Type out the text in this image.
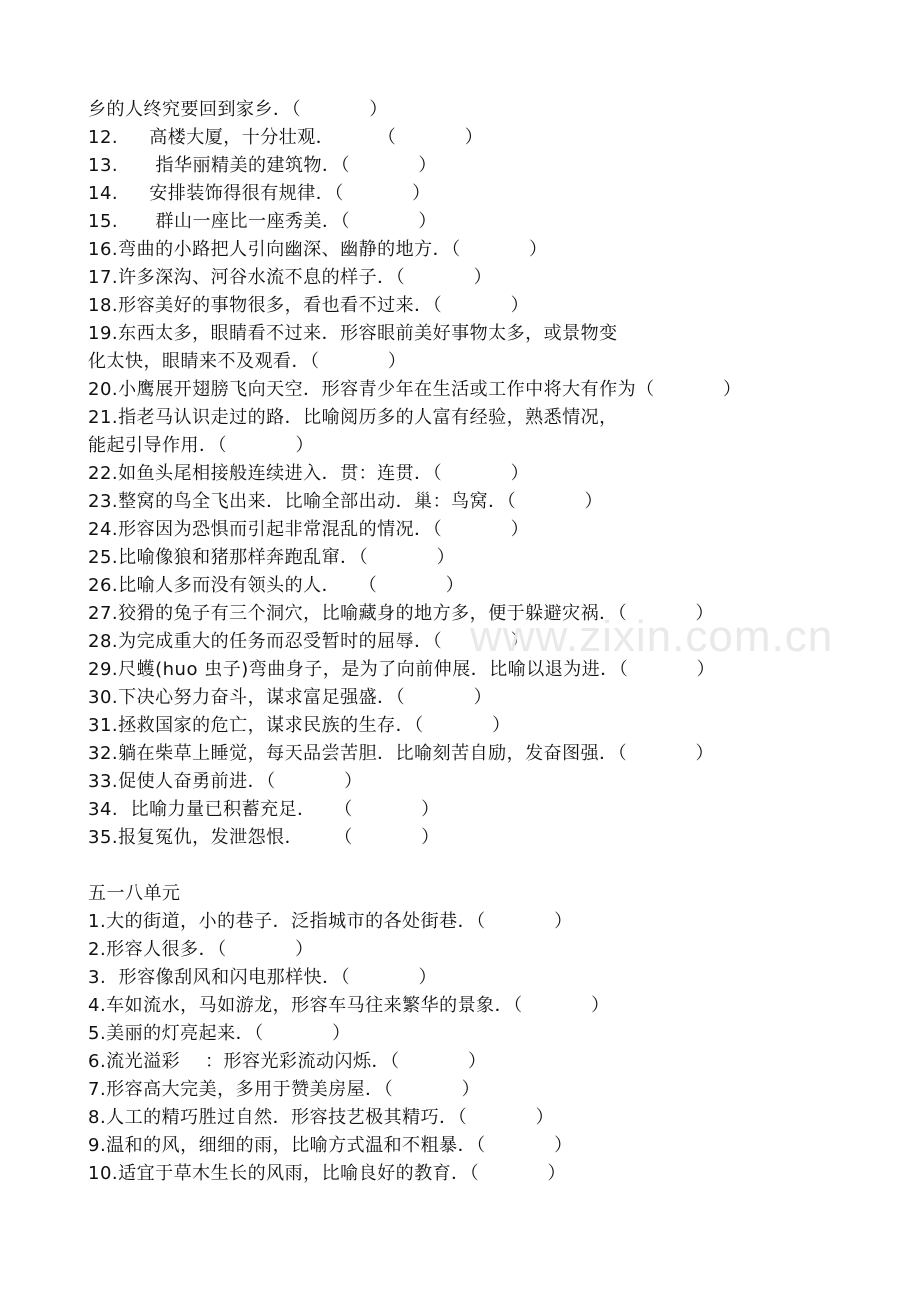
乡的人终究要回到家乡．（           ）
12.     高楼大厦，十分壮观．       （           ）
13.      指华丽精美的建筑物．（           ）
14.     安排装饰得很有规律．（           ）
15.      群山一座比一座秀美．（           ）
16.弯曲的小路把人引向幽深、幽静的地方．（           ）
17.许多深沟、河谷水流不息的样子．（           ）
18.形容美好的事物很多，看也看不过来．（           ）
19.东西太多，眼睛看不过来．形容眼前美好事物太多，或景物变
化太快，眼睛来不及观看．（           ）
20.小鹰展开翅膀飞向天空．形容青少年在生活或工作中将大有作为（           ）
21.指老马认识走过的路．比喻阅历多的人富有经验，熟悉情况，
能起引导作用．（           ）
22.如鱼头尾相接般连续进入．贯：连贯．（           ）
23.整窝的鸟全飞出来．比喻全部出动．巢：鸟窝．（           ）
24.形容因为恐惧而引起非常混乱的情况．（           ）
25.比喻像狼和猪那样奔跑乱窜．（           ）
26.比喻人多而没有领头的人．   （           ）
27.狡猾的兔子有三个洞穴，比喻藏身的地方多，便于躲避灾祸．（           ）
28.为完成重大的任务而忍受暂时的屈辱．（           ）
29.尺蠖(huo 虫子)弯曲身子，是为了向前伸展．比喻以退为进．（           ）
30.下决心努力奋斗，谋求富足强盛．（           ）
31.拯救国家的危亡，谋求民族的生存．（           ）
32.躺在柴草上睡觉，每天品尝苦胆．比喻刻苦自励，发奋图强．（           ）
33.促使人奋勇前进．（           ）
34.  比喻力量已积蓄充足．   （           ）
35.报复冤仇，发泄怨恨．     （           ）
五一八单元
1.大的街道，小的巷子．泛指城市的各处街巷．（           ）
2.形容人很多．（           ）
3.  形容像刮风和闪电那样快．（           ）
4.车如流水，马如游龙，形容车马往来繁华的景象．（           ）
5.美丽的灯亮起来．（           ）
6.流光溢彩    ：形容光彩流动闪烁．（           ）
7.形容高大完美，多用于赞美房屋．（           ）
8.人工的精巧胜过自然．形容技艺极其精巧．（           ）
9.温和的风，细细的雨，比喻方式温和不粗暴．（           ）
10.适宜于草木生长的风雨，比喻良好的教育．（           ）
www.zixin.com.cn
